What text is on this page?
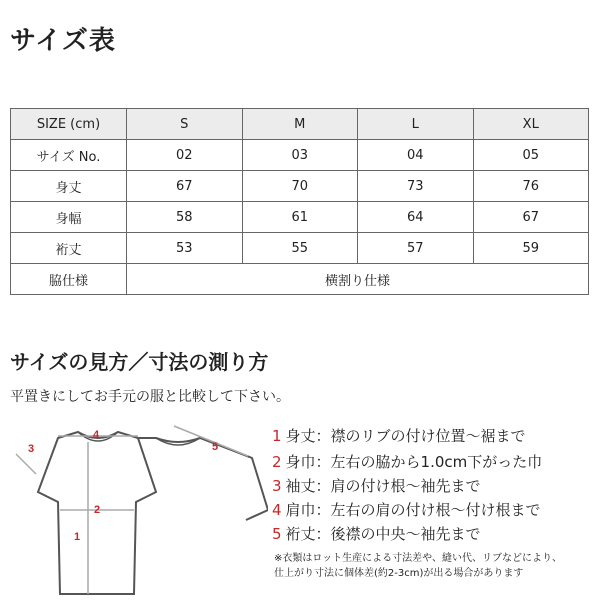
サイズ表
SIZE (cm)	S	M	L	XL
サイズ No.	02	03	04	05
身丈	67	70	73	76
身幅	58	61	64	67
裄丈	53	55	57	59
脇仕様	横割り仕様			
サイズの見方／寸法の測り方
平置きにしてお手元の服と比較して下さい。
1
2
3
4
5
1 身丈：襟のリブの付け位置〜裾まで
2 身巾：左右の脇から1.0cm下がった巾
3 袖丈：肩の付け根〜袖先まで
4 肩巾：左右の肩の付け根〜付け根まで
5 裄丈：後襟の中央〜袖先まで
※衣類はロット生産による寸法差や、縫い代、リブなどにより、
仕上がり寸法に個体差(約2-3cm)が出る場合があります
